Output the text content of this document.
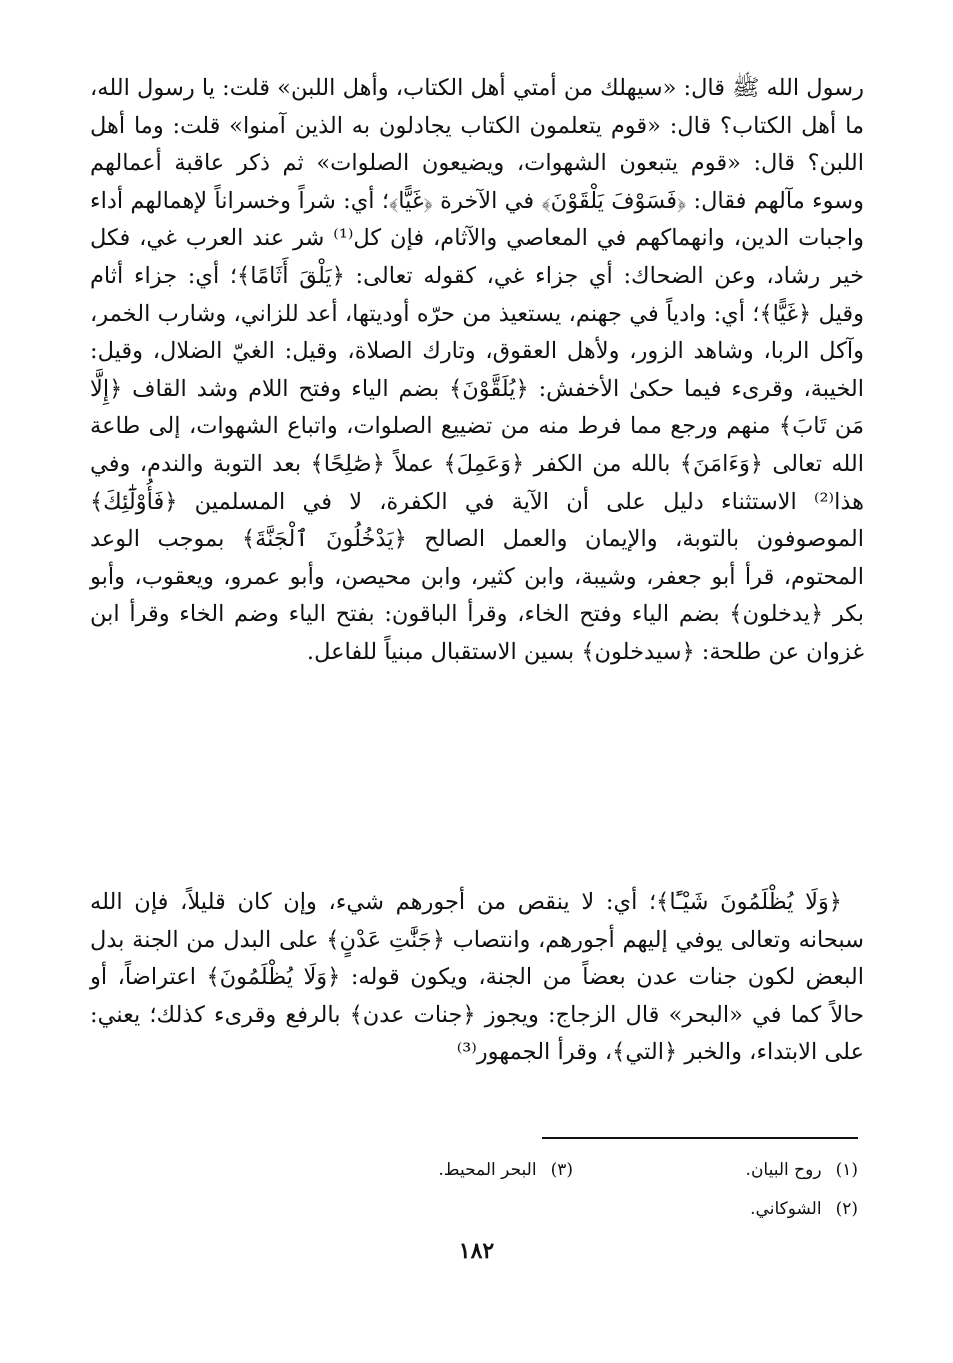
رسول الله ﷺ قال: «سيهلك من أمتي أهل الكتاب، وأهل اللبن» قلت: يا رسول الله، ما أهل الكتاب؟ قال: «قوم يتعلمون الكتاب يجادلون به الذين آمنوا» قلت: وما أهل اللبن؟ قال: «قوم يتبعون الشهوات، ويضيعون الصلوات» ثم ذكر عاقبة أعمالهم وسوء مآلهم فقال: ﴿فَسَوْفَ يَلْقَوْنَ﴾ في الآخرة ﴿غَيًّا﴾؛ أي: شراً وخسراناً لإهمالهم أداء واجبات الدين، وانهماكهم في المعاصي والآثام، فإن كل⁽¹⁾ شر عند العرب غي، فكل خير رشاد، وعن الضحاك: أي جزاء غي، كقوله تعالى: ﴿يَلْقَ أَثَامًا﴾؛ أي: جزاء أثام وقيل ﴿غَيًّا﴾؛ أي: وادياً في جهنم، يستعيذ من حرّه أوديتها، أعد للزاني، وشارب الخمر، وآكل الربا، وشاهد الزور، ولأهل العقوق، وتارك الصلاة، وقيل: الغيّ الضلال، وقيل: الخيبة، وقرىء فيما حكىٰ الأخفش: ﴿يُلَقَّوْنَ﴾ بضم الياء وفتح اللام وشد القاف ﴿إِلَّا مَن تَابَ﴾ منهم ورجع مما فرط منه من تضييع الصلوات، واتباع الشهوات، إلى طاعة الله تعالى ﴿وَءَامَنَ﴾ بالله من الكفر ﴿وَعَمِلَ﴾ عملاً ﴿صَٰلِحًا﴾ بعد التوبة والندم، وفي هذا⁽²⁾ الاستثناء دليل على أن الآية في الكفرة، لا في المسلمين ﴿فَأُوْلَٰٓئِكَ﴾ الموصوفون بالتوبة، والإيمان والعمل الصالح ﴿يَدْخُلُونَ ٱلْجَنَّةَ﴾ بموجب الوعد المحتوم، قرأ أبو جعفر، وشيبة، وابن كثير، وابن محيصن، وأبو عمرو، ويعقوب، وأبو بكر ﴿يدخلون﴾ بضم الياء وفتح الخاء، وقرأ الباقون: بفتح الياء وضم الخاء وقرأ ابن غزوان عن طلحة: ﴿سيدخلون﴾ بسين الاستقبال مبنياً للفاعل.

﴿وَلَا يُظْلَمُونَ شَيْـًٔا﴾؛ أي: لا ينقص من أجورهم شيء، وإن كان قليلاً، فإن الله سبحانه وتعالى يوفي إليهم أجورهم، وانتصاب ﴿جَنَّٰتِ عَدْنٍ﴾ على البدل من الجنة بدل البعض لكون جنات عدن بعضاً من الجنة، ويكون قوله: ﴿وَلَا يُظْلَمُونَ﴾ اعتراضاً، أو حالاً كما في «البحر» قال الزجاج: ويجوز ﴿جنات عدن﴾ بالرفع وقرىء كذلك؛ يعني: على الابتداء، والخبر ﴿التي﴾، وقرأ الجمهور⁽³⁾

(١)روح البيان.
(٢)الشوكاني.
(٣)البحر المحيط.
١٨٢
